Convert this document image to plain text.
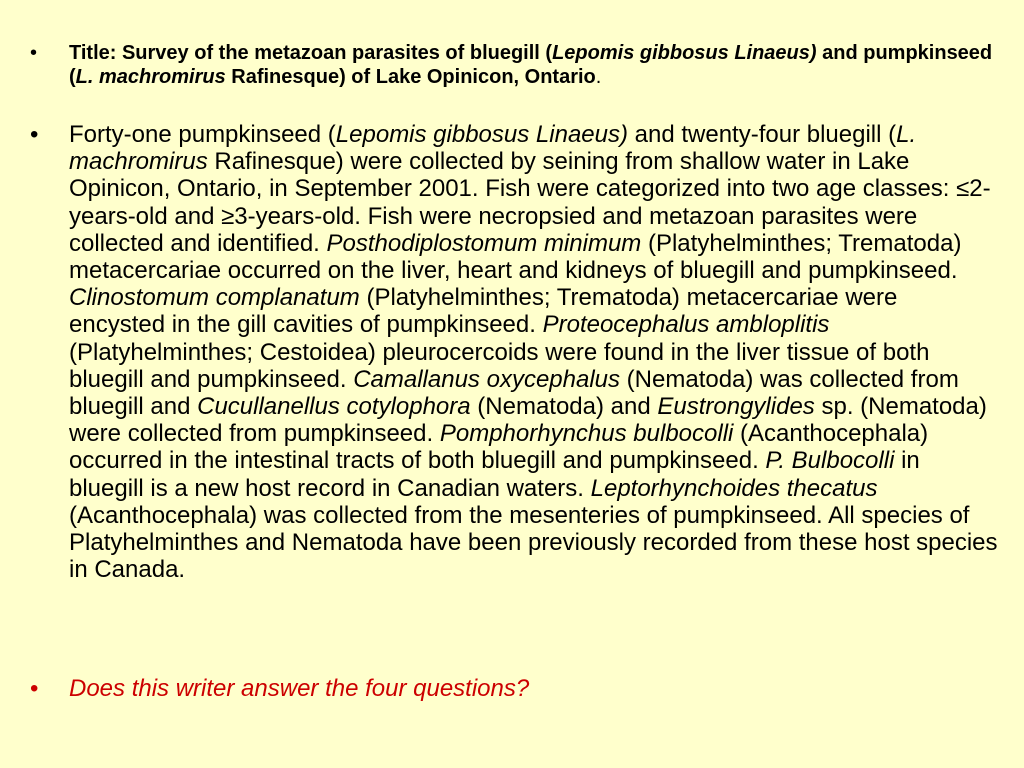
•	Title: Survey of the metazoan parasites of bluegill (Lepomis gibbosus Linaeus) and pumpkinseed (L. machromirus Rafinesque) of Lake Opinicon, Ontario.
•	Forty-one pumpkinseed (Lepomis gibbosus Linaeus) and twenty-four bluegill (L. machromirus Rafinesque) were collected by seining from shallow water in Lake Opinicon, Ontario, in September 2001. Fish were categorized into two age classes: ≤2-years-old and ≥3-years-old. Fish were necropsied and metazoan parasites were collected and identified. Posthodiplostomum minimum (Platyhelminthes; Trematoda) metacercariae occurred on the liver, heart and kidneys of bluegill and pumpkinseed. Clinostomum complanatum (Platyhelminthes; Trematoda) metacercariae were encysted in the gill cavities of pumpkinseed. Proteocephalus ambloplitis (Platyhelminthes; Cestoidea) pleurocercoids were found in the liver tissue of both bluegill and pumpkinseed. Camallanus oxycephalus (Nematoda) was collected from bluegill and Cucullanellus cotylophora (Nematoda) and Eustrongylides sp. (Nematoda) were collected from pumpkinseed. Pomphorhynchus bulbocolli (Acanthocephala) occurred in the intestinal tracts of both bluegill and pumpkinseed. P. Bulbocolli in bluegill is a new host record in Canadian waters. Leptorhynchoides thecatus (Acanthocephala) was collected from the mesenteries of pumpkinseed. All species of Platyhelminthes and Nematoda have been previously recorded from these host species in Canada.
•	Does this writer answer the four questions?
